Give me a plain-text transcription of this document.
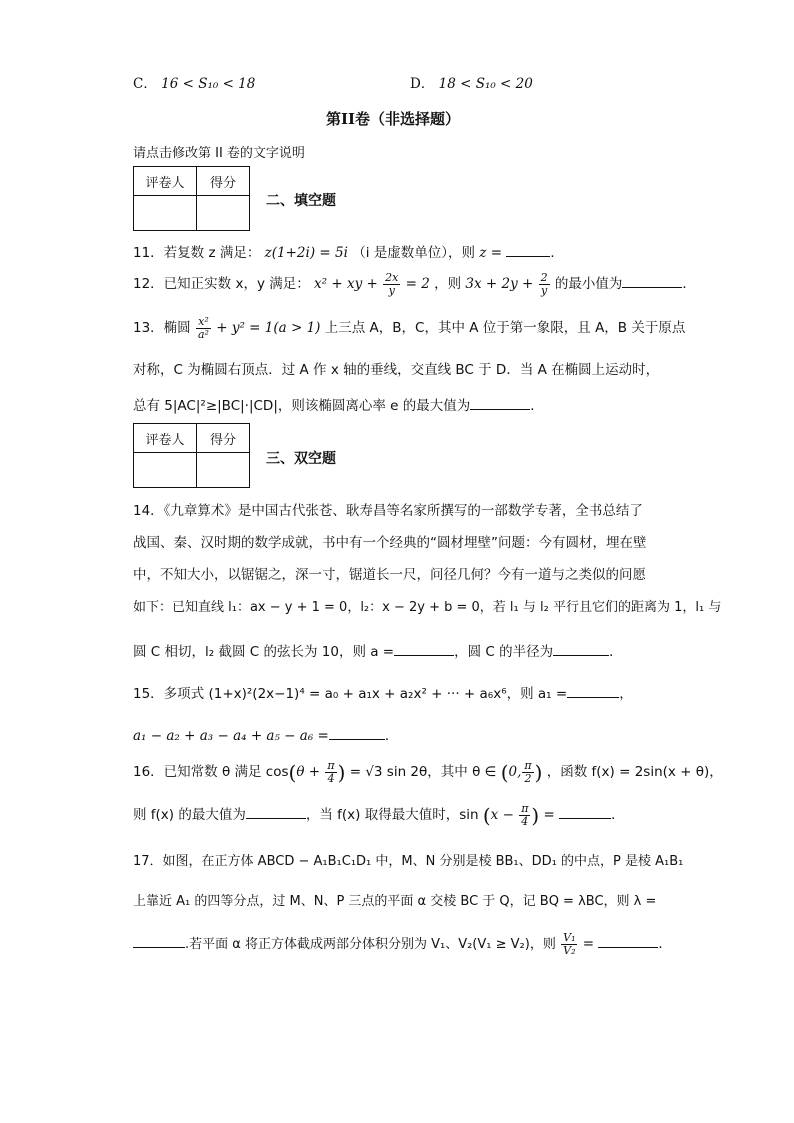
C． 16 < S₁₀ < 18	D． 18 < S₁₀ < 20
第II卷（非选择题）
请点击修改第 II 卷的文字说明
评卷人	得分

二、填空题
11．若复数 z 满足： z(1+2i) = 5i （i 是虚数单位），则 z =	．
12．已知正实数 x，y 满足： x² + xy + $\frac{2x}{y} = 2$ ，则 $3x + 2y + \frac{2}{y}$ 的最小值为	．
13．椭圆 $\frac{\text{x²}}{\text{a²}} + y^2 = 1(a > 1)$ 上三点 A，B，C，其中 A 位于第一象限，且 A，B 关于原点
对称，C 为椭圆右顶点．过 A 作 x 轴的垂线，交直线 BC 于 D．当 A 在椭圆上运动时，
总有 5|AC|²≥|BC|·|CD|，则该椭圆离心率 e 的最大值为	．
评卷人	得分

三、双空题
14．《九章算术》是中国古代张苍、耿寿昌等名家所撰写的一部数学专著，全书总结了
战国、秦、汉时期的数学成就，书中有一个经典的“圆材埋壁”问题：今有圆材，埋在壁
中，不知大小，以锯锯之，深一寸，锯道长一尺，问径几何？今有一道与之类似的问愿
如下：已知直线 l₁：ax − y + 1 = 0，l₂：x − 2y + b = 0，若 l₁ 与 l₂ 平行且它们的距离为 1，l₁ 与
圆 C 相切，l₂ 截圆 C 的弦长为 10，则 a =	，圆 C 的半径为	．
15．多项式 (1+x)²(2x−1)⁴ = a₀ + a₁x + a₂x² + ··· + a₆x⁶，则 a₁ =	，
a₁ − a₂ + a₃ − a₄ + a₅ − a₆ =	．
16．已知常数 θ 满足 $\cos(\theta + \frac{\pi}{4}$ ) = √3 sin 2θ，其中 θ ∈ (0, $\frac{\pi}{2}$ ) ，函数 f(x) = 2sin(x + θ)，
则 f(x) 的最大值为	，当 f(x) 取得最大值时，$\sin (x - \frac{\pi}{4}$ ) =	．
17．如图，在正方体 ABCD − A₁B₁C₁D₁ 中，M、N 分别是棱 BB₁、DD₁ 的中点，P 是棱 A₁B₁
上靠近 A₁ 的四等分点，过 M、N、P 三点的平面 α 交棱 BC 于 Q，记 BQ = λBC，则 λ =
.若平面 α 将正方体截成两部分体积分别为 V₁、V₂(V₁ ≥ V₂)，则 $\frac{\text{V₁}}{\text{V₂}}$ =	．
